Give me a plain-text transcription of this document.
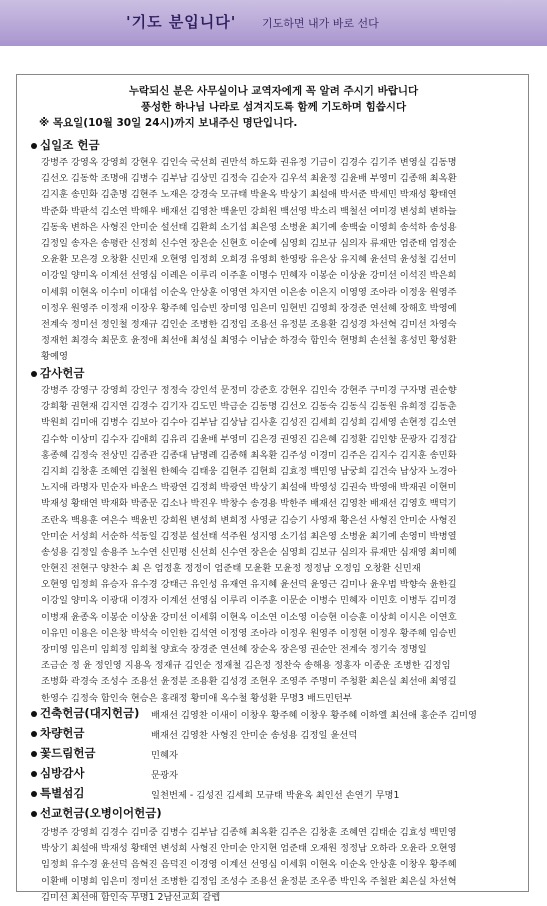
'기도 분입니다' 기도하면 내가 바로 선다
누락되신 분은 사무실이나 교역자에게 꼭 알려 주시기 바랍니다
풍성한 하나님 나라로 섬겨지도록 함께 기도하며 힘씁시다
※ 목요일(10월 30일 24시)까지 보내주신 명단입니다.
십일조 헌금
강병주 강영옥 강영희 강현우 김인숙 국선희 권만석 하도화 권유정 기금이 김경수 김기주 변영실 김동명
김선오 김동학 조명애 김병수 김부남 김상민 김정숙 김순자 김우석 최윤정 김윤배 부영미 김종해 최옥환
김지훈 송민화 김춘명 김현주 노재은 강경숙 모규태 박윤옥 박상기 최설애 박서준 박세민 박재성 황태연
박준화 박판석 김소연 박해우 배재선 김영찬 백윤민 강희원 백선영 박소리 백철선 여미경 변성희 변하늘
김동욱 변하은 사형진 안미순 설선태 김환희 소기섭 최은영 소병윤 최기예 송백술 이영희 송석하 송성용
김정일 송자은 송평란 신정희 신수연 장은순 신현호 이순예 심영희 김보규 심의자 류재만 엄준태 엄정순
오윤환 모은경 오창환 신민재 오현영 임정희 오희경 유영희 한영랑 유은상 유지혜 윤선덕 윤성철 김선미
이강일 양미옥 이계선 선영심 이례은 이루리 이주훈 이명수 민혜자 이봉순 이상윤 강미선 이석진 박은희
이세휘 이현옥 이수미 이대섭 이순옥 안상훈 이영연 차지연 이은송 이은지 이영영 조아라 이정웅 원영주
이정우 원영주 이정재 이장우 황주혜 임승빈 장미영 임은미 임현빈 김영희 장경준 연선혜 장해호 박영예
전계숙 정미선 정인철 정재규 김인순 조병한 김정임 조용선 유정분 조용환 김성경 차선혁 김미선 차영숙
정재헌 최경숙 최문호 윤정애 최선애 최성실 최영수 이남순 하경숙 함인숙 현명희 손선철 홍성민 황성환
황예영
감사헌금
강병주 강영구 강영희 강인구 정정숙 강인석 문정미 강준호 강현우 김인숙 강현주 구미경 구자명 권순향
강희황 권현재 김지연 김경수 김기자 김도민 박금순 김동명 김선오 김동숙 김동식 김동원 유희정 김동춘
박원희 김미애 김병수 김보아 김수아 김부남 김상남 김사훈 김성진 김세희 김성희 김세영 손현정 김소연
김수학 이상미 김수자 김애희 김유리 김윤배 부영미 김은경 권영진 김은혜 김정환 김인향 문광자 김정갑
홍종혜 김정숙 전상민 김종관 김종대 남명례 김종해 최옥환 김주성 이경미 김주은 김지수 김지훈 송민화
김지희 김창훈 조혜연 김철원 한혜숙 김태웅 김현주 김현희 김효정 백민영 남궁희 김건숙 남상자 노경아
노지애 라명자 민순자 바운스 박광연 김정희 박광연 박상기 최설애 박영성 김권숙 박영애 박재권 이현미
박재성 황태연 박재화 박종문 김소나 박진우 박창수 송경용 박한주 배재선 김영찬 배재선 김영호 백덕기
조란옥 백용훈 여은수 백윤빈 강희원 변성희 변희정 사영균 김승기 사영재 황은선 사형진 안미순 사형진
안미순 서성희 서순하 석동일 김정분 설선태 석주원 성지영 소기섭 최은영 소병윤 최기예 손영미 박병열
송성용 김정일 송용주 노수연 신민평 신선희 신수연 장은순 심영희 김보규 심의자 류재만 심재영 최미혜
안현진 전현구 양찬수 최 은 엄정훈 정정이 엄준태 모윤환 모윤정 정정남 오정임 오창환 신민재
오현영 임정희 유승자 유수경 강태근 유인성 유재연 유지혜 윤선덕 윤영근 김미나 윤우범 박향숙 윤한길
이강일 양미옥 이광대 이경자 이계선 선영심 이루리 이주훈 이문순 이병수 민혜자 이민호 이병두 김미경
이병재 윤종옥 이봉순 이상윤 강미선 이세휘 이현옥 이소연 이소영 이승현 이승훈 이상희 이시은 이연호
이유민 이용은 이은창 박석숙 이인한 김석연 이정영 조아라 이정우 원영주 이정현 이정우 황주혜 임승빈
장미영 임은미 임희정 임희철 양효숙 장경준 연선혜 장순옥 장은영 권순안 전계숙 정기숙 정명일
조금순 정 윤 정인영 지용옥 정재규 김인순 정재철 김은정 정찬숙 송해용 정홍자 이종운 조병한 김정임
조병화 곽경숙 조성수 조용선 윤정분 조용환 김성경 조현우 조영주 주명미 주청환 최은실 최선애 최영길
한영수 김정숙 함인숙 현승은 홍래정 황미애 옥수철 황성환 무명3 배드민턴부
건축헌금(대지헌금) 배재선 김영찬 이새이 이창우 황주혜 이창우 황주혜 이하엘 최선애 홍순주 김미영
차량헌금	배재선 김영찬 사형진 안미순 송성용 김정일 윤선덕
꽃드림헌금	민혜자
심방감사	문광자
특별섬김	일천번제 - 김성진 김세희 모규태 박윤옥 최인선 손연기 무명1
선교헌금(오병이어헌금)
강병주 강영희 김경수 김미중 김병수 김부남 김종해 최옥환 김주은 김창훈 조혜연 김태순 김효성 백민영
박상기 최설애 박재성 황태연 변성희 사형진 안미순 안지현 엄준태 오재원 정정남 오하라 오윤라 오현영
임정희 유수경 윤선덕 음혁진 음덕진 이경영 이계선 선영심 이세휘 이현옥 이순옥 안상훈 이창우 황주혜
이환배 이명희 임은미 정미선 조병한 김정임 조성수 조용선 윤정분 조우종 박인옥 주철완 최은실 차선혁
김미선 최선애 함인숙 무명1 2남선교회 갈렙
